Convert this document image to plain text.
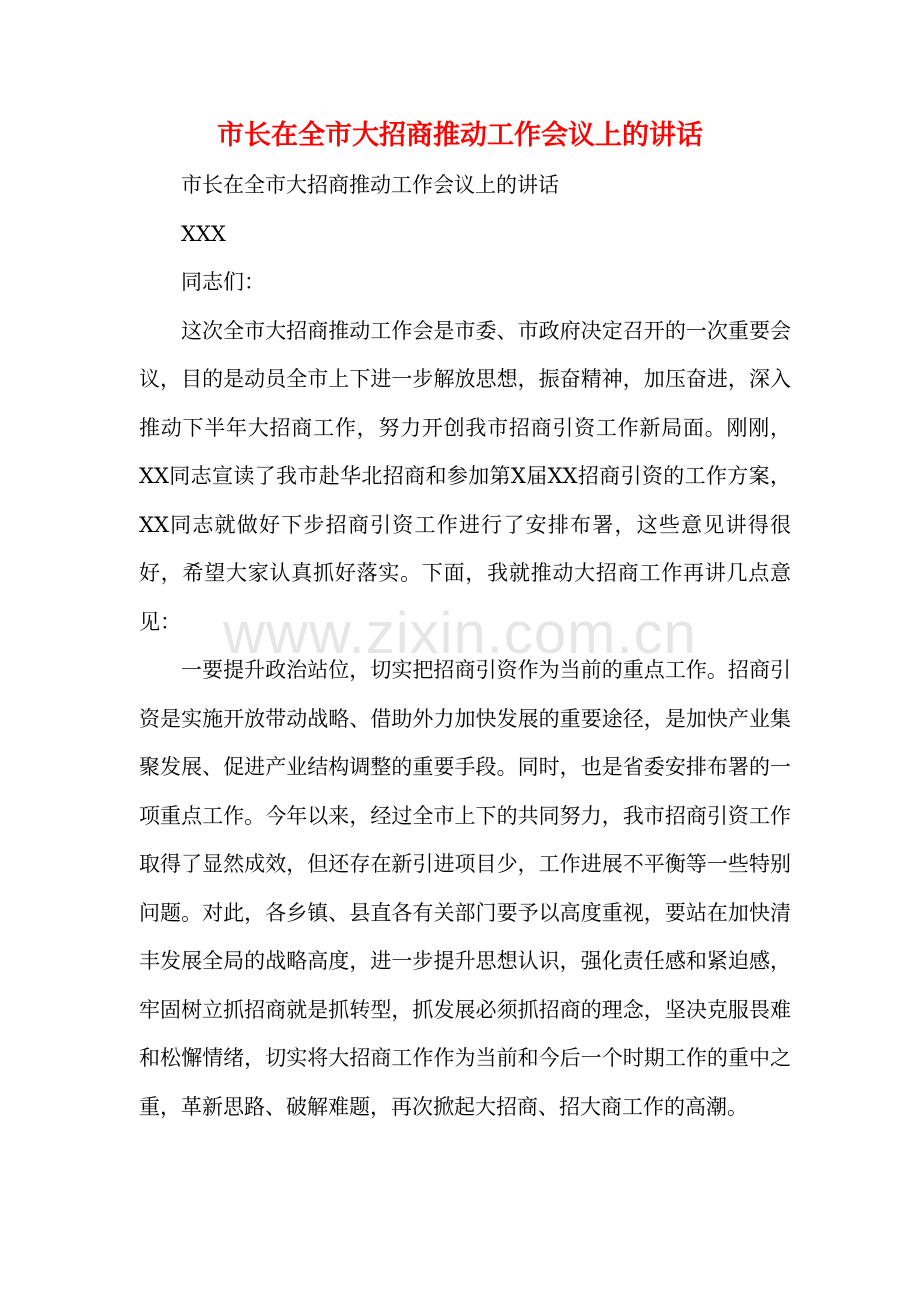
市长在全市大招商推动工作会议上的讲话

市长在全市大招商推动工作会议上的讲话

XXX

同志们：

这次全市大招商推动工作会是市委、市政府决定召开的一次重要会议，目的是动员全市上下进一步解放思想，振奋精神，加压奋进，深入推动下半年大招商工作，努力开创我市招商引资工作新局面。刚刚，XX同志宣读了我市赴华北招商和参加第X届XX招商引资的工作方案，XX同志就做好下步招商引资工作进行了安排布署，这些意见讲得很好，希望大家认真抓好落实。下面，我就推动大招商工作再讲几点意见：

一要提升政治站位，切实把招商引资作为当前的重点工作。招商引资是实施开放带动战略、借助外力加快发展的重要途径，是加快产业集聚发展、促进产业结构调整的重要手段。同时，也是省委安排布署的一项重点工作。今年以来，经过全市上下的共同努力，我市招商引资工作取得了显然成效，但还存在新引进项目少，工作进展不平衡等一些特别问题。对此，各乡镇、县直各有关部门要予以高度重视，要站在加快清丰发展全局的战略高度，进一步提升思想认识，强化责任感和紧迫感，牢固树立抓招商就是抓转型，抓发展必须抓招商的理念，坚决克服畏难和松懈情绪，切实将大招商工作作为当前和今后一个时期工作的重中之重，革新思路、破解难题，再次掀起大招商、招大商工作的高潮。

www.zixin.com.cn
